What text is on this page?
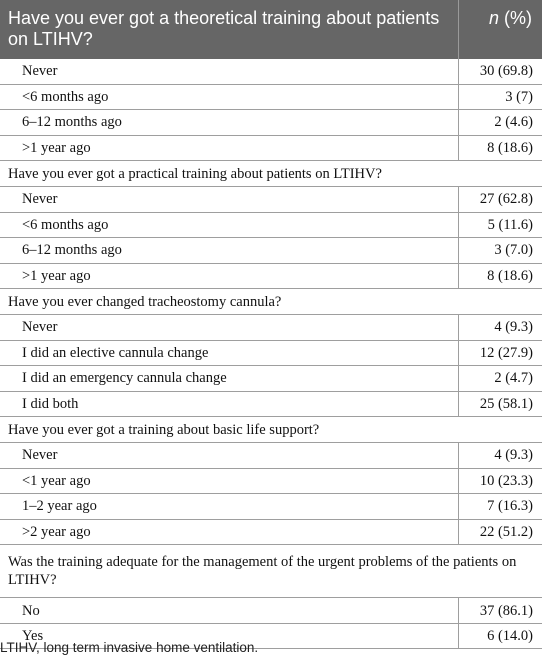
Have you ever got a theoretical training about patients on LTIHV?	n (%)
Never	30 (69.8)
<6 months ago	3 (7)
6–12 months ago	2 (4.6)
>1 year ago	8 (18.6)
Have you ever got a practical training about patients on LTIHV?	
Never	27 (62.8)
<6 months ago	5 (11.6)
6–12 months ago	3 (7.0)
>1 year ago	8 (18.6)
Have you ever changed tracheostomy cannula?	
Never	4 (9.3)
I did an elective cannula change	12 (27.9)
I did an emergency cannula change	2 (4.7)
I did both	25 (58.1)
Have you ever got a training about basic life support?	
Never	4 (9.3)
<1 year ago	10 (23.3)
1–2 year ago	7 (16.3)
>2 year ago	22 (51.2)
Was the training adequate for the management of the urgent problems of the patients on LTIHV?	
No	37 (86.1)
Yes	6 (14.0)
LTIHV, long term invasive home ventilation.
